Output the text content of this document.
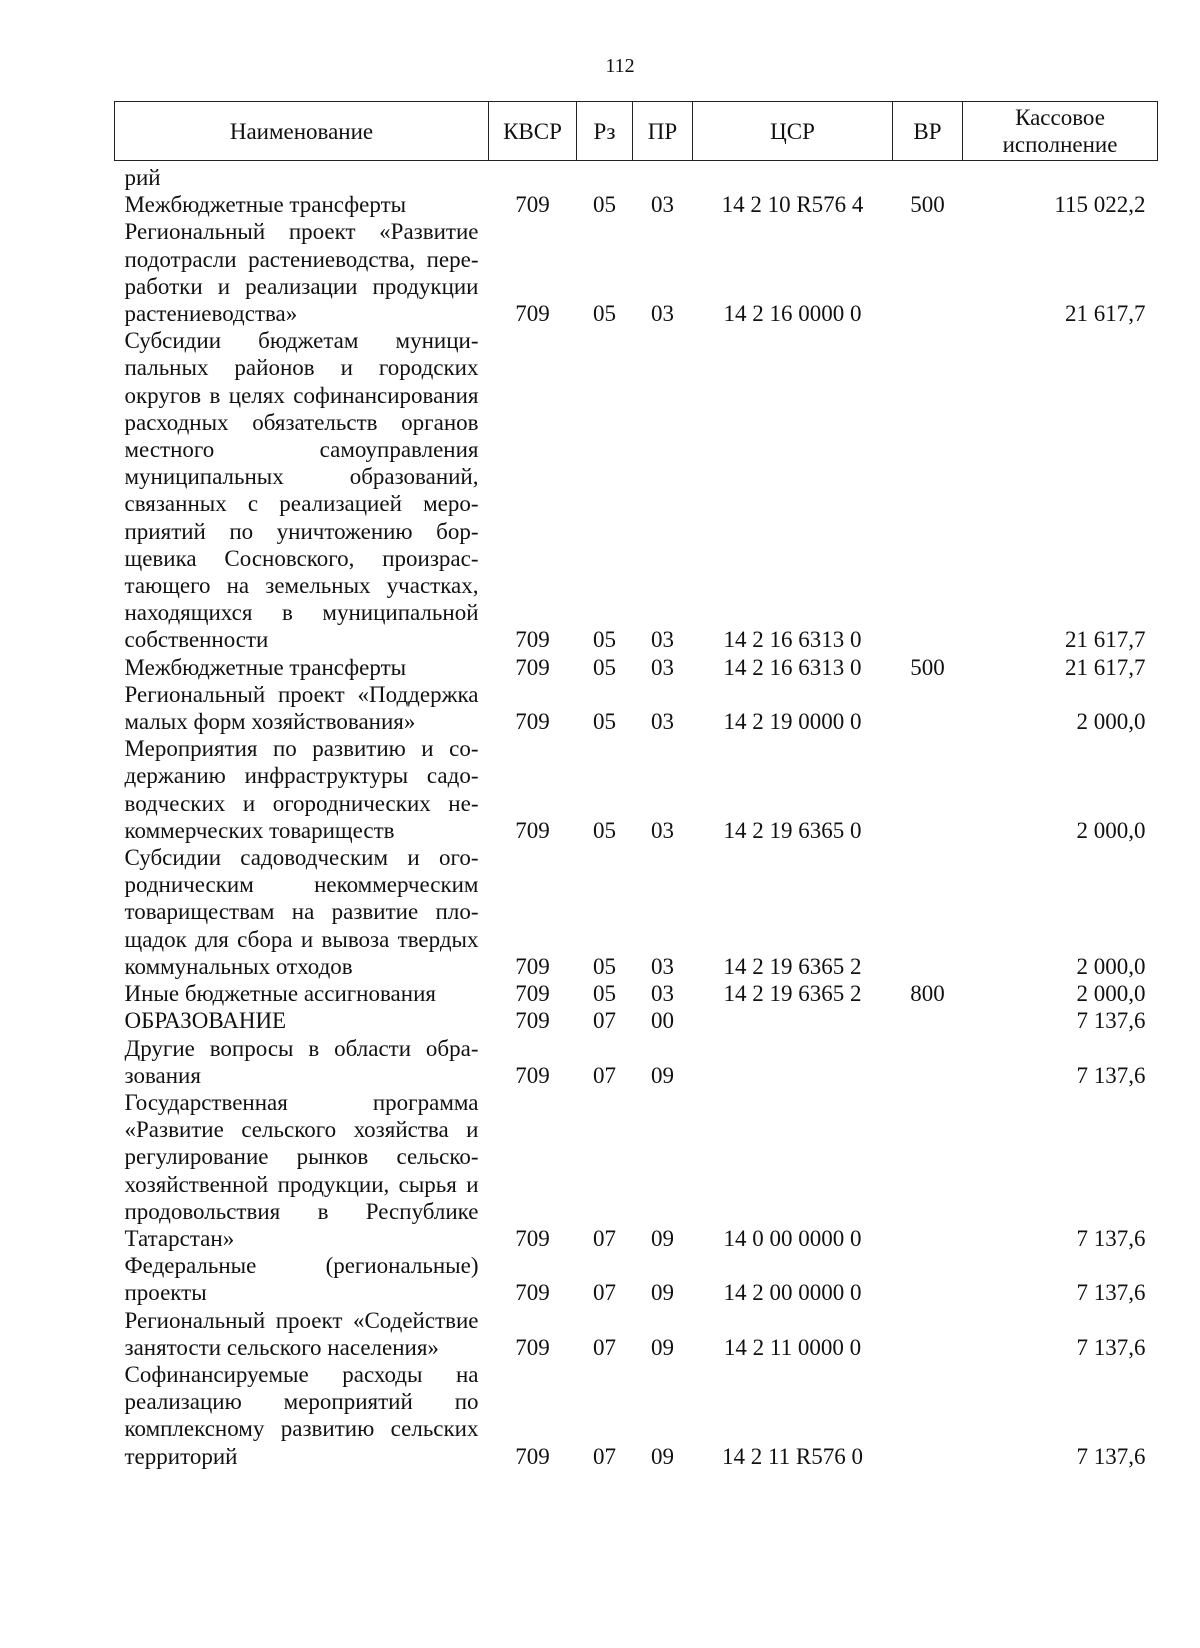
112
Наименование	КВСР	Рз	ПР	ЦСР	ВР	Кассовое исполнение
рий						
Межбюджетные трансферты	709	05	03	14 2 10 R576 4	500	115 022,2
Региональный проект «Развитие подотрасли растениеводства, переработки и реализации продукции растениеводства»	709	05	03	14 2 16 0000 0		21 617,7
Субсидии бюджетам муниципальных районов и городских округов в целях софинансирования расходных обязательств органов местного самоуправления муниципальных образований, связанных с реализацией мероприятий по уничтожению борщевика Сосновского, произрастающего на земельных участках, находящихся в муниципальной собственности	709	05	03	14 2 16 6313 0		21 617,7
Межбюджетные трансферты	709	05	03	14 2 16 6313 0	500	21 617,7
Региональный проект «Поддержка малых форм хозяйствования»	709	05	03	14 2 19 0000 0		2 000,0
Мероприятия по развитию и содержанию инфраструктуры садоводческих и огороднических некоммерческих товариществ	709	05	03	14 2 19 6365 0		2 000,0
Субсидии садоводческим и огородническим некоммерческим товариществам на развитие площадок для сбора и вывоза твердых коммунальных отходов	709	05	03	14 2 19 6365 2		2 000,0
Иные бюджетные ассигнования	709	05	03	14 2 19 6365 2	800	2 000,0
ОБРАЗОВАНИЕ	709	07	00			7 137,6
Другие вопросы в области образования	709	07	09			7 137,6
Государственная программа «Развитие сельского хозяйства и регулирование рынков сельскохозяйственной продукции, сырья и продовольствия в Республике Татарстан»	709	07	09	14 0 00 0000 0		7 137,6
Федеральные (региональные) проекты	709	07	09	14 2 00 0000 0		7 137,6
Региональный проект «Содействие занятости сельского населения»	709	07	09	14 2 11 0000 0		7 137,6
Софинансируемые расходы на реализацию мероприятий по комплексному развитию сельских территорий	709	07	09	14 2 11 R576 0		7 137,6
